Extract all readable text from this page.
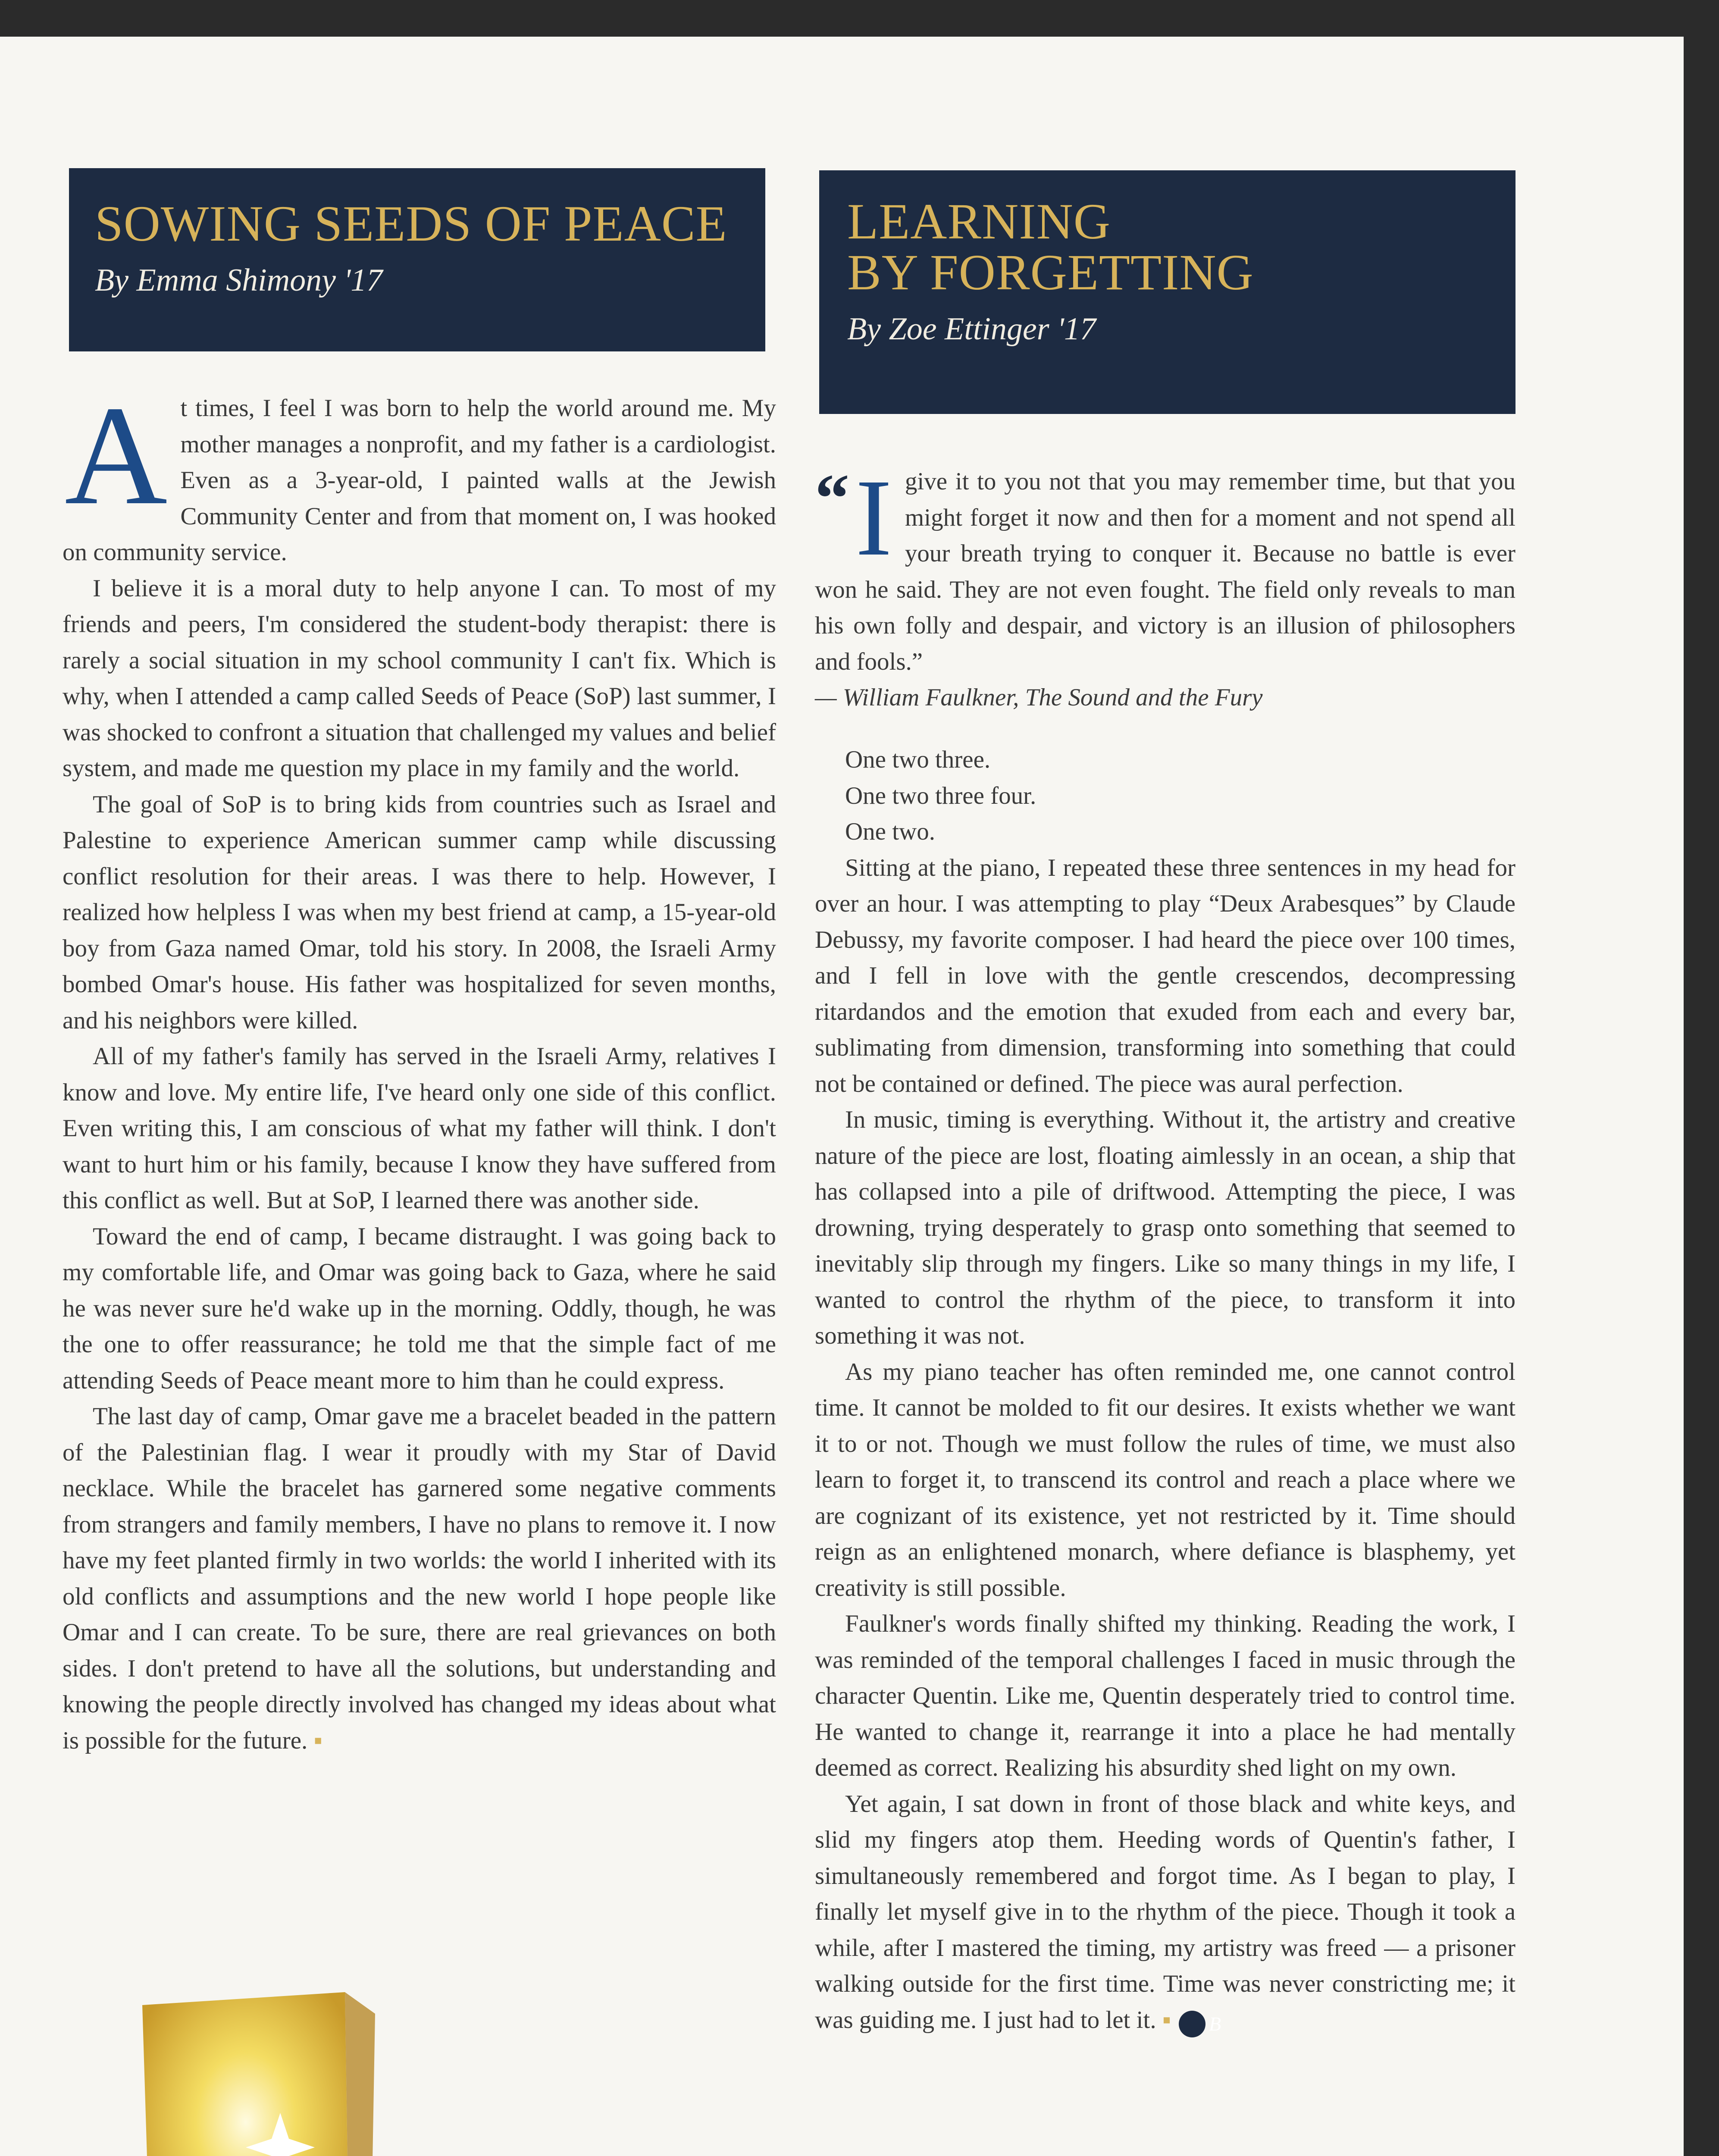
SOWING SEEDS OF PEACE
By Emma Shimony '17

At times, I feel I was born to help the world around me. My mother manages a nonprofit, and my father is a cardiologist. Even as a 3-year-old, I painted walls at the Jewish Community Center and from that moment on, I was hooked on community service.

I believe it is a moral duty to help anyone I can. To most of my friends and peers, I'm considered the student-body therapist: there is rarely a social situation in my school community I can't fix. Which is why, when I attended a camp called Seeds of Peace (SoP) last summer, I was shocked to confront a situation that challenged my values and belief system, and made me question my place in my family and the world.

The goal of SoP is to bring kids from countries such as Israel and Palestine to experience American summer camp while discussing conflict resolution for their areas. I was there to help. However, I realized how helpless I was when my best friend at camp, a 15-year-old boy from Gaza named Omar, told his story. In 2008, the Israeli Army bombed Omar's house. His father was hospitalized for seven months, and his neighbors were killed.

All of my father's family has served in the Israeli Army, relatives I know and love. My entire life, I've heard only one side of this conflict. Even writing this, I am conscious of what my father will think. I don't want to hurt him or his family, because I know they have suffered from this conflict as well. But at SoP, I learned there was another side.

Toward the end of camp, I became distraught. I was going back to my comfortable life, and Omar was going back to Gaza, where he said he was never sure he'd wake up in the morning. Oddly, though, he was the one to offer reassurance; he told me that the simple fact of me attending Seeds of Peace meant more to him than he could express.

The last day of camp, Omar gave me a bracelet beaded in the pattern of the Palestinian flag. I wear it proudly with my Star of David necklace. While the bracelet has garnered some negative comments from strangers and family members, I have no plans to remove it. I now have my feet planted firmly in two worlds: the world I inherited with its old conflicts and assumptions and the new world I hope people like Omar and I can create. To be sure, there are real grievances on both sides. I don't pretend to have all the solutions, but understanding and knowing the people directly involved has changed my ideas about what is possible for the future. ▪

LEARNING
BY FORGETTING
By Zoe Ettinger '17

“ I give it to you not that you may remember time, but that you might forget it now and then for a moment and not spend all your breath trying to conquer it. Because no battle is ever won he said. They are not even fought. The field only reveals to man his own folly and despair, and victory is an illusion of philosophers and fools.”

— William Faulkner, The Sound and the Fury

One two three.

One two three four.

One two.

Sitting at the piano, I repeated these three sentences in my head for over an hour. I was attempting to play “Deux Arabesques” by Claude Debussy, my favorite composer. I had heard the piece over 100 times, and I fell in love with the gentle crescendos, decompressing ritardandos and the emotion that exuded from each and every bar, sublimating from dimension, transforming into something that could not be contained or defined. The piece was aural perfection.

In music, timing is everything. Without it, the artistry and creative nature of the piece are lost, floating aimlessly in an ocean, a ship that has collapsed into a pile of driftwood. Attempting the piece, I was drowning, trying desperately to grasp onto something that seemed to inevitably slip through my fingers. Like so many things in my life, I wanted to control the rhythm of the piece, to transform it into something it was not.

As my piano teacher has often reminded me, one cannot control time. It cannot be molded to fit our desires. It exists whether we want it to or not. Though we must follow the rules of time, we must also learn to forget it, to transcend its control and reach a place where we are cognizant of its existence, yet not restricted by it. Time should reign as an enlightened monarch, where defiance is blasphemy, yet creativity is still possible.

Faulkner's words finally shifted my thinking. Reading the work, I was reminded of the temporal challenges I faced in music through the character Quentin. Like me, Quentin desperately tried to control time. He wanted to change it, rearrange it into a place he had mentally deemed as correct. Realizing his absurdity shed light on my own.

Yet again, I sat down in front of those black and white keys, and slid my fingers atop them. Heeding words of Quentin's father, I simultaneously remembered and forgot time. As I began to play, I finally let myself give in to the rhythm of the piece. Though it took a while, after I mastered the timing, my artistry was freed — a prisoner walking outside for the first time. Time was never constricting me; it was guiding me. I just had to let it. ▪ B
